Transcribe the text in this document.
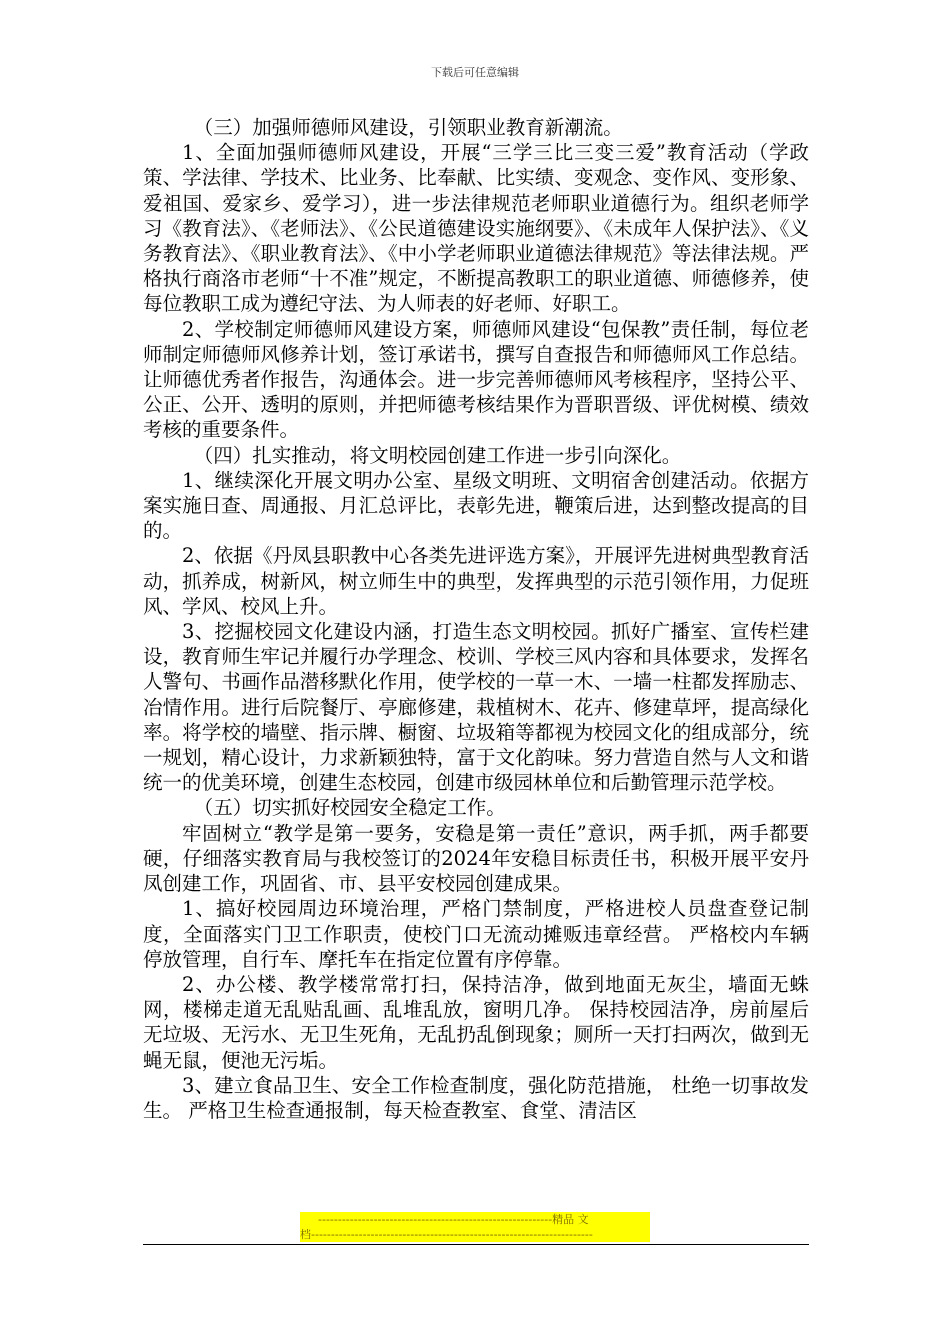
下载后可任意编辑

（三）加强师德师风建设，引领职业教育新潮流。

1、全面加强师德师风建设，开展“三学三比三变三爱”教育活动（学政策、学法律、学技术、比业务、比奉献、比实绩、变观念、变作风、变形象、爱祖国、爱家乡、爱学习），进一步法律规范老师职业道德行为。组织老师学习《教育法》、《老师法》、《公民道德建设实施纲要》、《未成年人保护法》、《义务教育法》、《职业教育法》、《中小学老师职业道德法律规范》等法律法规。严格执行商洛市老师“十不准”规定，不断提高教职工的职业道德、师德修养，使每位教职工成为遵纪守法、为人师表的好老师、好职工。

2、学校制定师德师风建设方案，师德师风建设“包保教”责任制，每位老师制定师德师风修养计划，签订承诺书，撰写自查报告和师德师风工作总结。让师德优秀者作报告，沟通体会。进一步完善师德师风考核程序，坚持公平、公正、公开、透明的原则，并把师德考核结果作为晋职晋级、评优树模、绩效考核的重要条件。

（四）扎实推动，将文明校园创建工作进一步引向深化。

1、继续深化开展文明办公室、星级文明班、文明宿舍创建活动。依据方案实施日查、周通报、月汇总评比，表彰先进，鞭策后进，达到整改提高的目的。

2、依据《丹凤县职教中心各类先进评选方案》，开展评先进树典型教育活动，抓养成，树新风，树立师生中的典型，发挥典型的示范引领作用，力促班风、学风、校风上升。

3、挖掘校园文化建设内涵，打造生态文明校园。抓好广播室、宣传栏建设，教育师生牢记并履行办学理念、校训、学校三风内容和具体要求，发挥名人警句、书画作品潜移默化作用，使学校的一草一木、一墙一柱都发挥励志、冶情作用。进行后院餐厅、亭廊修建，栽植树木、花卉、修建草坪，提高绿化率。将学校的墙壁、指示牌、橱窗、垃圾箱等都视为校园文化的组成部分，统一规划，精心设计，力求新颖独特，富于文化韵味。努力营造自然与人文和谐统一的优美环境，创建生态校园，创建市级园林单位和后勤管理示范学校。

（五）切实抓好校园安全稳定工作。

牢固树立“教学是第一要务，安稳是第一责任”意识，两手抓，两手都要硬，仔细落实教育局与我校签订的2024年安稳目标责任书，积极开展平安丹凤创建工作，巩固省、市、县平安校园创建成果。

1、搞好校园周边环境治理，严格门禁制度，严格进校人员盘查登记制度，全面落实门卫工作职责，使校门口无流动摊贩违章经营。 严格校内车辆停放管理，自行车、摩托车在指定位置有序停靠。

2、办公楼、教学楼常常打扫，保持洁净，做到地面无灰尘，墙面无蛛网，楼梯走道无乱贴乱画、乱堆乱放，窗明几净。 保持校园洁净，房前屋后无垃圾、无污水、无卫生死角，无乱扔乱倒现象；厕所一天打扫两次，做到无蝇无鼠，便池无污垢。

3、建立食品卫生、安全工作检查制度，强化防范措施， 杜绝一切事故发生。 严格卫生检查通报制，每天检查教室、食堂、清洁区

-----------------------------------------------------------精品 文
档-----------------------------------------------------------------------
